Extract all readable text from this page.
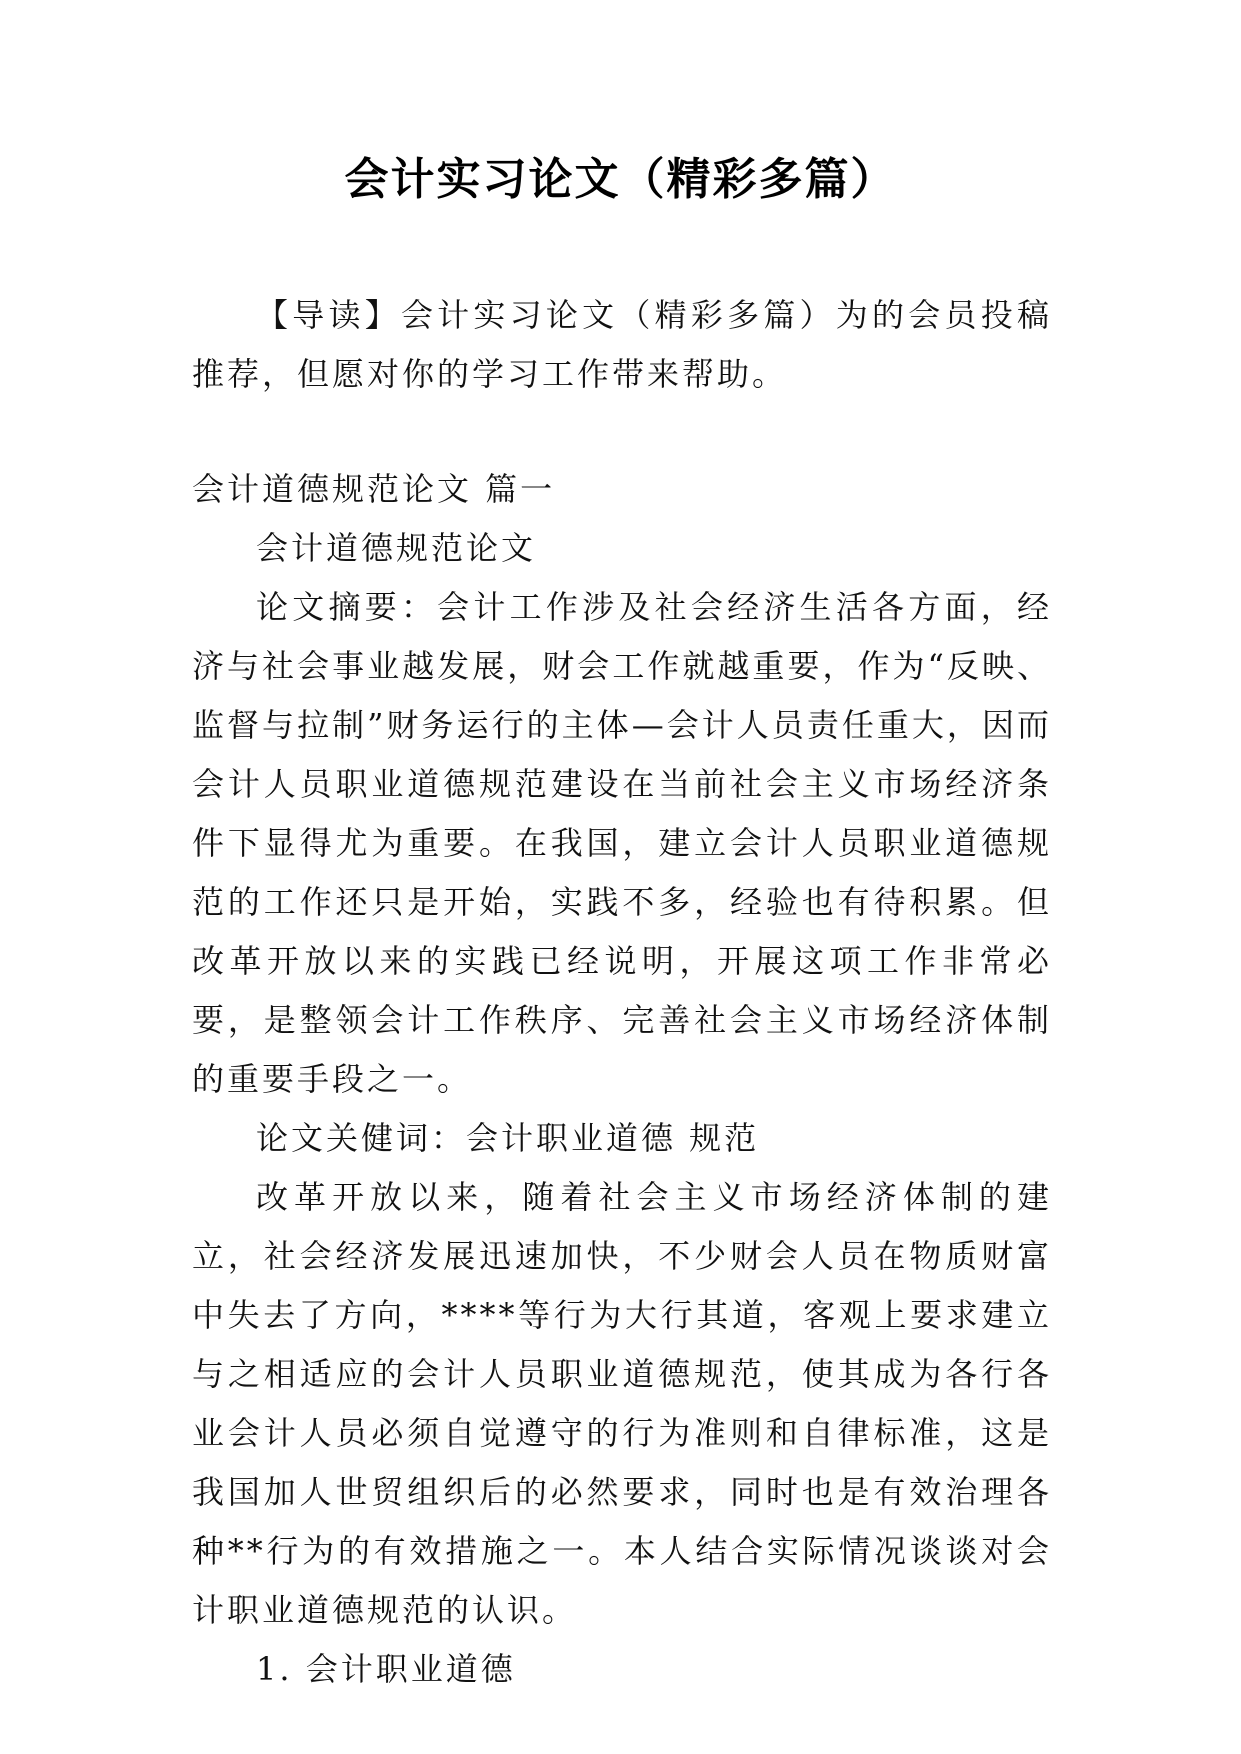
会计实习论文（精彩多篇）

【导读】会计实习论文（精彩多篇）为的会员投稿推荐，但愿对你的学习工作带来帮助。

会计道德规范论文 篇一

会计道德规范论文

论文摘要：会计工作涉及社会经济生活各方面，经济与社会事业越发展，财会工作就越重要，作为“反映、监督与拉制”财务运行的主体—会计人员责任重大，因而会计人员职业道德规范建设在当前社会主义市场经济条件下显得尤为重要。在我国，建立会计人员职业道德规范的工作还只是开始，实践不多，经验也有待积累。但改革开放以来的实践已经说明，开展这项工作非常必要，是整领会计工作秩序、完善社会主义市场经济体制的重要手段之一。

论文关健词：会计职业道德 规范

改革开放以来，随着社会主义市场经济体制的建立，社会经济发展迅速加快，不少财会人员在物质财富中失去了方向，****等行为大行其道，客观上要求建立与之相适应的会计人员职业道德规范，使其成为各行各业会计人员必须自觉遵守的行为准则和自律标准，这是我国加人世贸组织后的必然要求，同时也是有效治理各种**行为的有效措施之一。本人结合实际情况谈谈对会计职业道德规范的认识。

1. 会计职业道德
